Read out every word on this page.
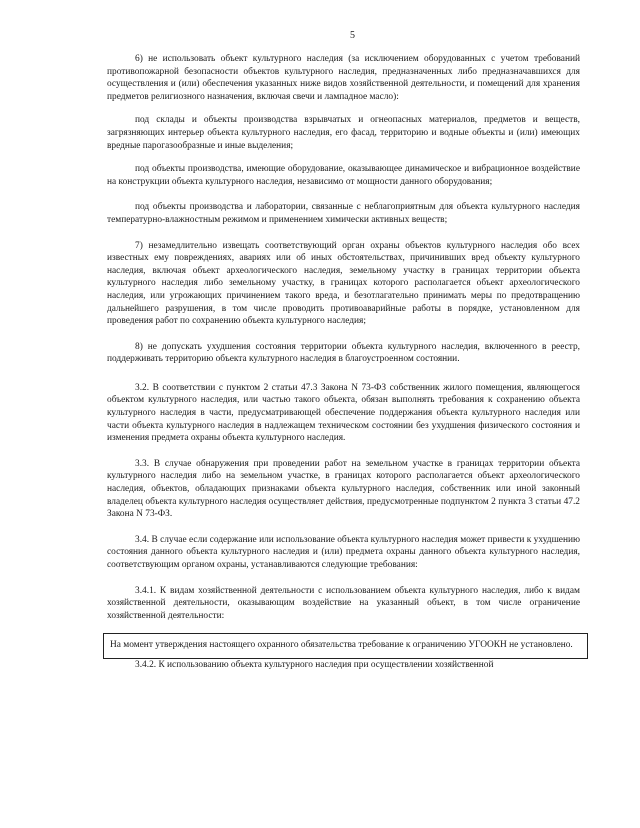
5

6) не использовать объект культурного наследия (за исключением оборудованных с учетом требований противопожарной безопасности объектов культурного наследия, предназначенных либо предназначавшихся для осуществления и (или) обеспечения указанных ниже видов хозяйственной деятельности, и помещений для хранения предметов религиозного назначения, включая свечи и лампадное масло):

под склады и объекты производства взрывчатых и огнеопасных материалов, предметов и веществ, загрязняющих интерьер объекта культурного наследия, его фасад, территорию и водные объекты и (или) имеющих вредные парогазообразные и иные выделения;

под объекты производства, имеющие оборудование, оказывающее динамическое и вибрационное воздействие на конструкции объекта культурного наследия, независимо от мощности данного оборудования;

под объекты производства и лаборатории, связанные с неблагоприятным для объекта культурного наследия температурно-влажностным режимом и применением химически активных веществ;

7) незамедлительно извещать соответствующий орган охраны объектов культурного наследия обо всех известных ему повреждениях, авариях или об иных обстоятельствах, причинивших вред объекту культурного наследия, включая объект археологического наследия, земельному участку в границах территории объекта культурного наследия либо земельному участку, в границах которого располагается объект археологического наследия, или угрожающих причинением такого вреда, и безотлагательно принимать меры по предотвращению дальнейшего разрушения, в том числе проводить противоаварийные работы в порядке, установленном для проведения работ по сохранению объекта культурного наследия;

8) не допускать ухудшения состояния территории объекта культурного наследия, включенного в реестр, поддерживать территорию объекта культурного наследия в благоустроенном состоянии.

3.2. В соответствии с пунктом 2 статьи 47.3 Закона N 73-ФЗ собственник жилого помещения, являющегося объектом культурного наследия, или частью такого объекта, обязан выполнять требования к сохранению объекта культурного наследия в части, предусматривающей обеспечение поддержания объекта культурного наследия или части объекта культурного наследия в надлежащем техническом состоянии без ухудшения физического состояния и изменения предмета охраны объекта культурного наследия.

3.3. В случае обнаружения при проведении работ на земельном участке в границах территории объекта культурного наследия либо на земельном участке, в границах которого располагается объект археологического наследия, объектов, обладающих признаками объекта культурного наследия, собственник или иной законный владелец объекта культурного наследия осуществляет действия, предусмотренные подпунктом 2 пункта 3 статьи 47.2 Закона N 73-ФЗ.

3.4. В случае если содержание или использование объекта культурного наследия может привести к ухудшению состояния данного объекта культурного наследия и (или) предмета охраны данного объекта культурного наследия, соответствующим органом охраны, устанавливаются следующие требования:

3.4.1. К видам хозяйственной деятельности с использованием объекта культурного наследия, либо к видам хозяйственной деятельности, оказывающим воздействие на указанный объект, в том числе ограничение хозяйственной деятельности:

На момент утверждения настоящего охранного обязательства требование к ограничению УГООКН не установлено.

3.4.2. К использованию объекта культурного наследия при осуществлении хозяйственной
